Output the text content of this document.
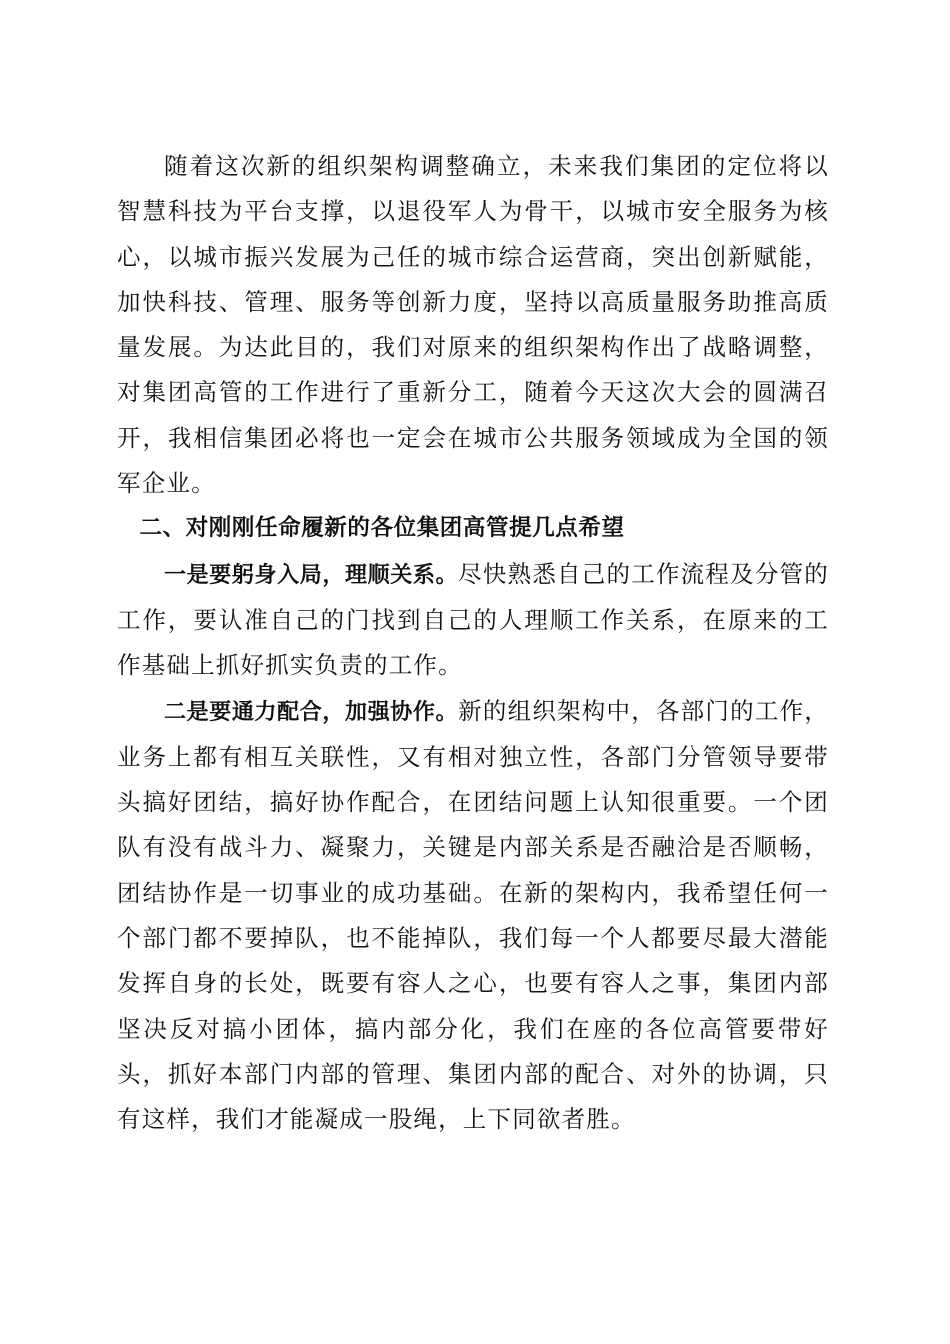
随着这次新的组织架构调整确立，未来我们集团的定位将以智慧科技为平台支撑，以退役军人为骨干，以城市安全服务为核心，以城市振兴发展为己任的城市综合运营商，突出创新赋能，加快科技、管理、服务等创新力度，坚持以高质量服务助推高质量发展。为达此目的，我们对原来的组织架构作出了战略调整，对集团高管的工作进行了重新分工，随着今天这次大会的圆满召开，我相信集团必将也一定会在城市公共服务领域成为全国的领军企业。

二、对刚刚任命履新的各位集团高管提几点希望

一是要躬身入局，理顺关系。尽快熟悉自己的工作流程及分管的工作，要认准自己的门找到自己的人理顺工作关系，在原来的工作基础上抓好抓实负责的工作。

二是要通力配合，加强协作。新的组织架构中，各部门的工作，业务上都有相互关联性，又有相对独立性，各部门分管领导要带头搞好团结，搞好协作配合，在团结问题上认知很重要。一个团队有没有战斗力、凝聚力，关键是内部关系是否融洽是否顺畅，团结协作是一切事业的成功基础。在新的架构内，我希望任何一个部门都不要掉队，也不能掉队，我们每一个人都要尽最大潜能发挥自身的长处，既要有容人之心，也要有容人之事，集团内部坚决反对搞小团体，搞内部分化，我们在座的各位高管要带好头，抓好本部门内部的管理、集团内部的配合、对外的协调，只有这样，我们才能凝成一股绳，上下同欲者胜。
